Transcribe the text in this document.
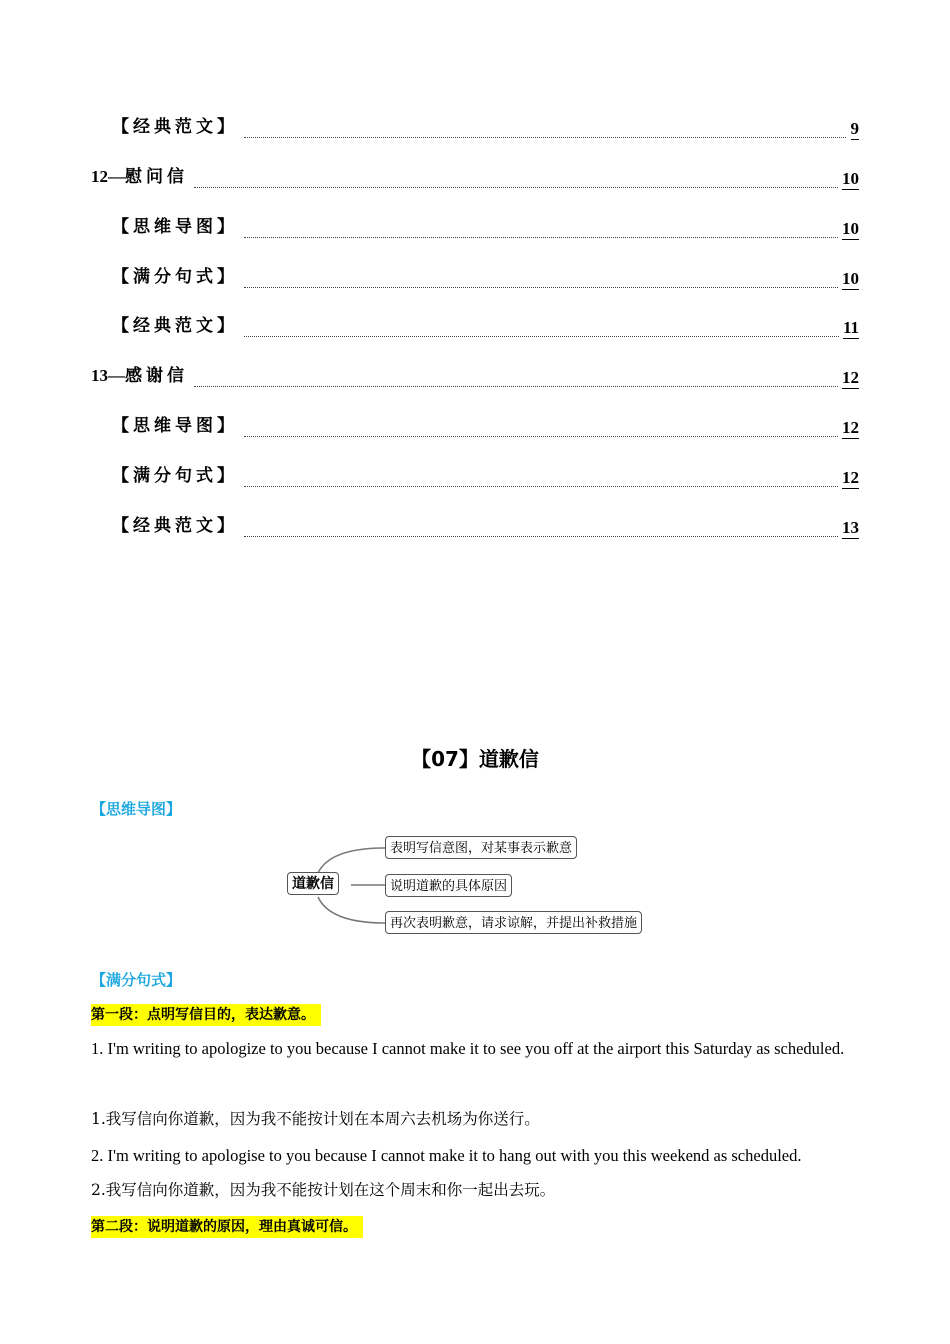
【经典范文】	9
12—慰问信	10
【思维导图】	10
【满分句式】	10
【经典范文】	11
13—感谢信	12
【思维导图】	12
【满分句式】	12
【经典范文】	13
【07】道歉信
【思维导图】
道歉信
表明写信意图，对某事表示歉意
说明道歉的具体原因
再次表明歉意，请求谅解，并提出补救措施
【满分句式】
第一段：点明写信目的，表达歉意。
1. I'm writing to apologize to you because I cannot make it to see you off at the airport this Saturday as scheduled.
1.我写信向你道歉，因为我不能按计划在本周六去机场为你送行。
2. I'm writing to apologise to you because I cannot make it to hang out with you this weekend as scheduled.
2.我写信向你道歉，因为我不能按计划在这个周末和你一起出去玩。
第二段：说明道歉的原因，理由真诚可信。
